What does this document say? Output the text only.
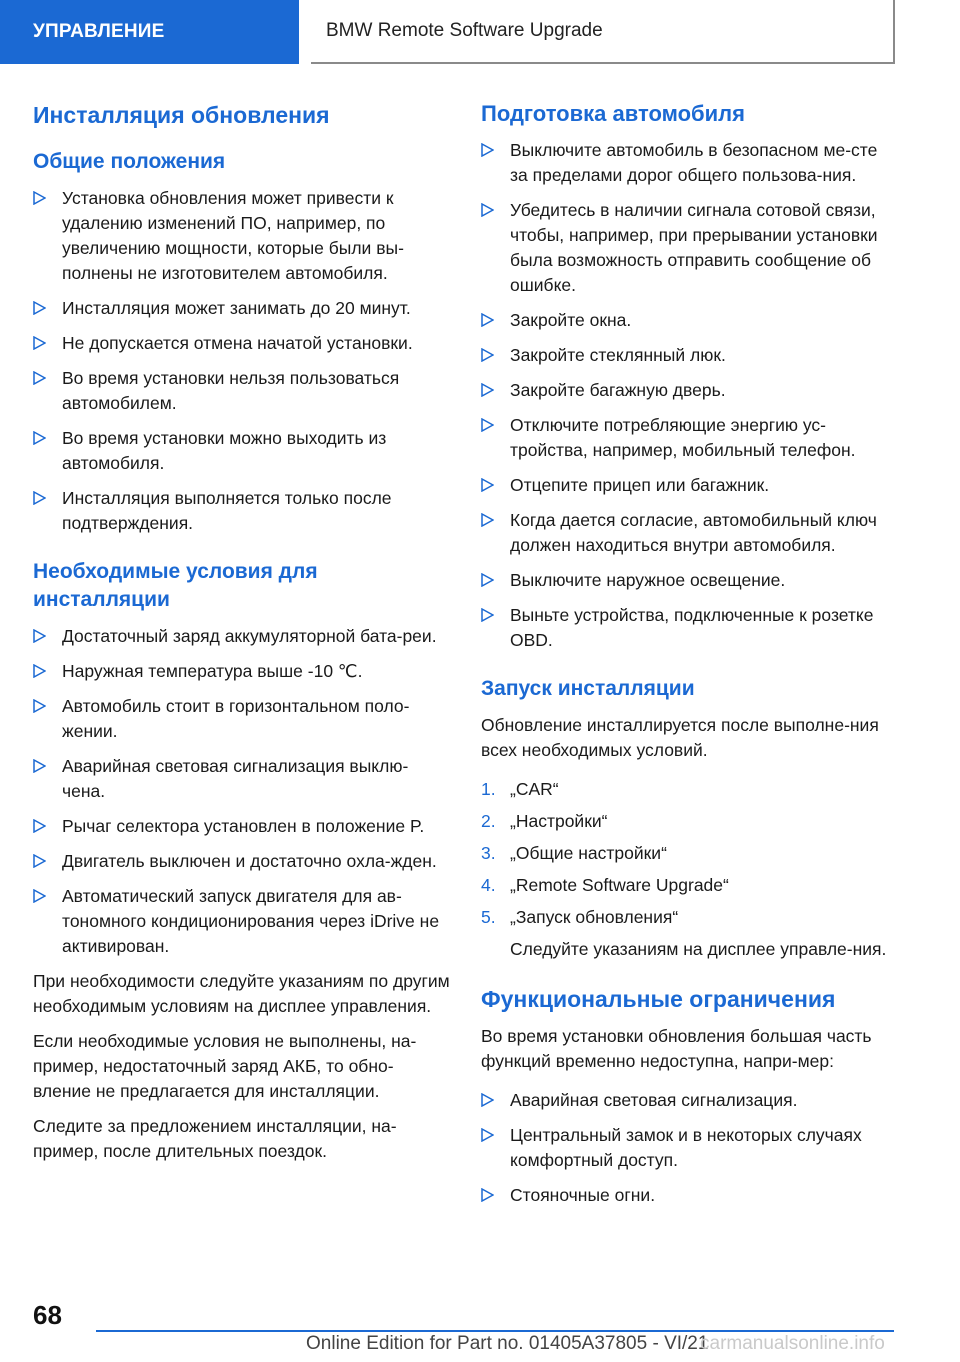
УПРАВЛЕНИЕ	BMW Remote Software Upgrade
Инсталляция обновления
Общие положения
Установка обновления может привести к удалению изменений ПО, например, по увеличению мощности, которые были вы-полнены не изготовителем автомобиля.
Инсталляция может занимать до 20 минут.
Не допускается отмена начатой установки.
Во время установки нельзя пользоваться автомобилем.
Во время установки можно выходить из автомобиля.
Инсталляция выполняется только после подтверждения.
Необходимые условия для инсталляции
Достаточный заряд аккумуляторной бата-реи.
Наружная температура выше -10 ℃.
Автомобиль стоит в горизонтальном поло-жении.
Аварийная световая сигнализация выклю-чена.
Рычаг селектора установлен в положение P.
Двигатель выключен и достаточно охла-жден.
Автоматический запуск двигателя для ав-тономного кондиционирования через iDrive не активирован.

При необходимости следуйте указаниям по другим необходимым условиям на дисплее управления.

Если необходимые условия не выполнены, на-пример, недостаточный заряд АКБ, то обно-вление не предлагается для инсталляции.

Следите за предложением инсталляции, на-пример, после длительных поездок.

Подготовка автомобиля
Выключите автомобиль в безопасном ме-сте за пределами дорог общего пользова-ния.
Убедитесь в наличии сигнала сотовой связи, чтобы, например, при прерывании установки была возможность отправить сообщение об ошибке.
Закройте окна.
Закройте стеклянный люк.
Закройте багажную дверь.
Отключите потребляющие энергию ус-тройства, например, мобильный телефон.
Отцепите прицеп или багажник.
Когда дается согласие, автомобильный ключ должен находиться внутри автомобиля.
Выключите наружное освещение.
Выньте устройства, подключенные к розетке OBD.
Запуск инсталляции

Обновление инсталлируется после выполне-ния всех необходимых условий.

1. „CAR“
2. „Настройки“
3. „Общие настройки“
4. „Remote Software Upgrade“
5. „Запуск обновления“

Следуйте указаниям на дисплее управле-ния.

Функциональные ограничения

Во время установки обновления большая часть функций временно недоступна, напри-мер:

Аварийная световая сигнализация.
Центральный замок и в некоторых случаях комфортный доступ.
Стояночные огни.
68
Online Edition for Part no. 01405A37805 - VI/21
carmanualsonline.info
